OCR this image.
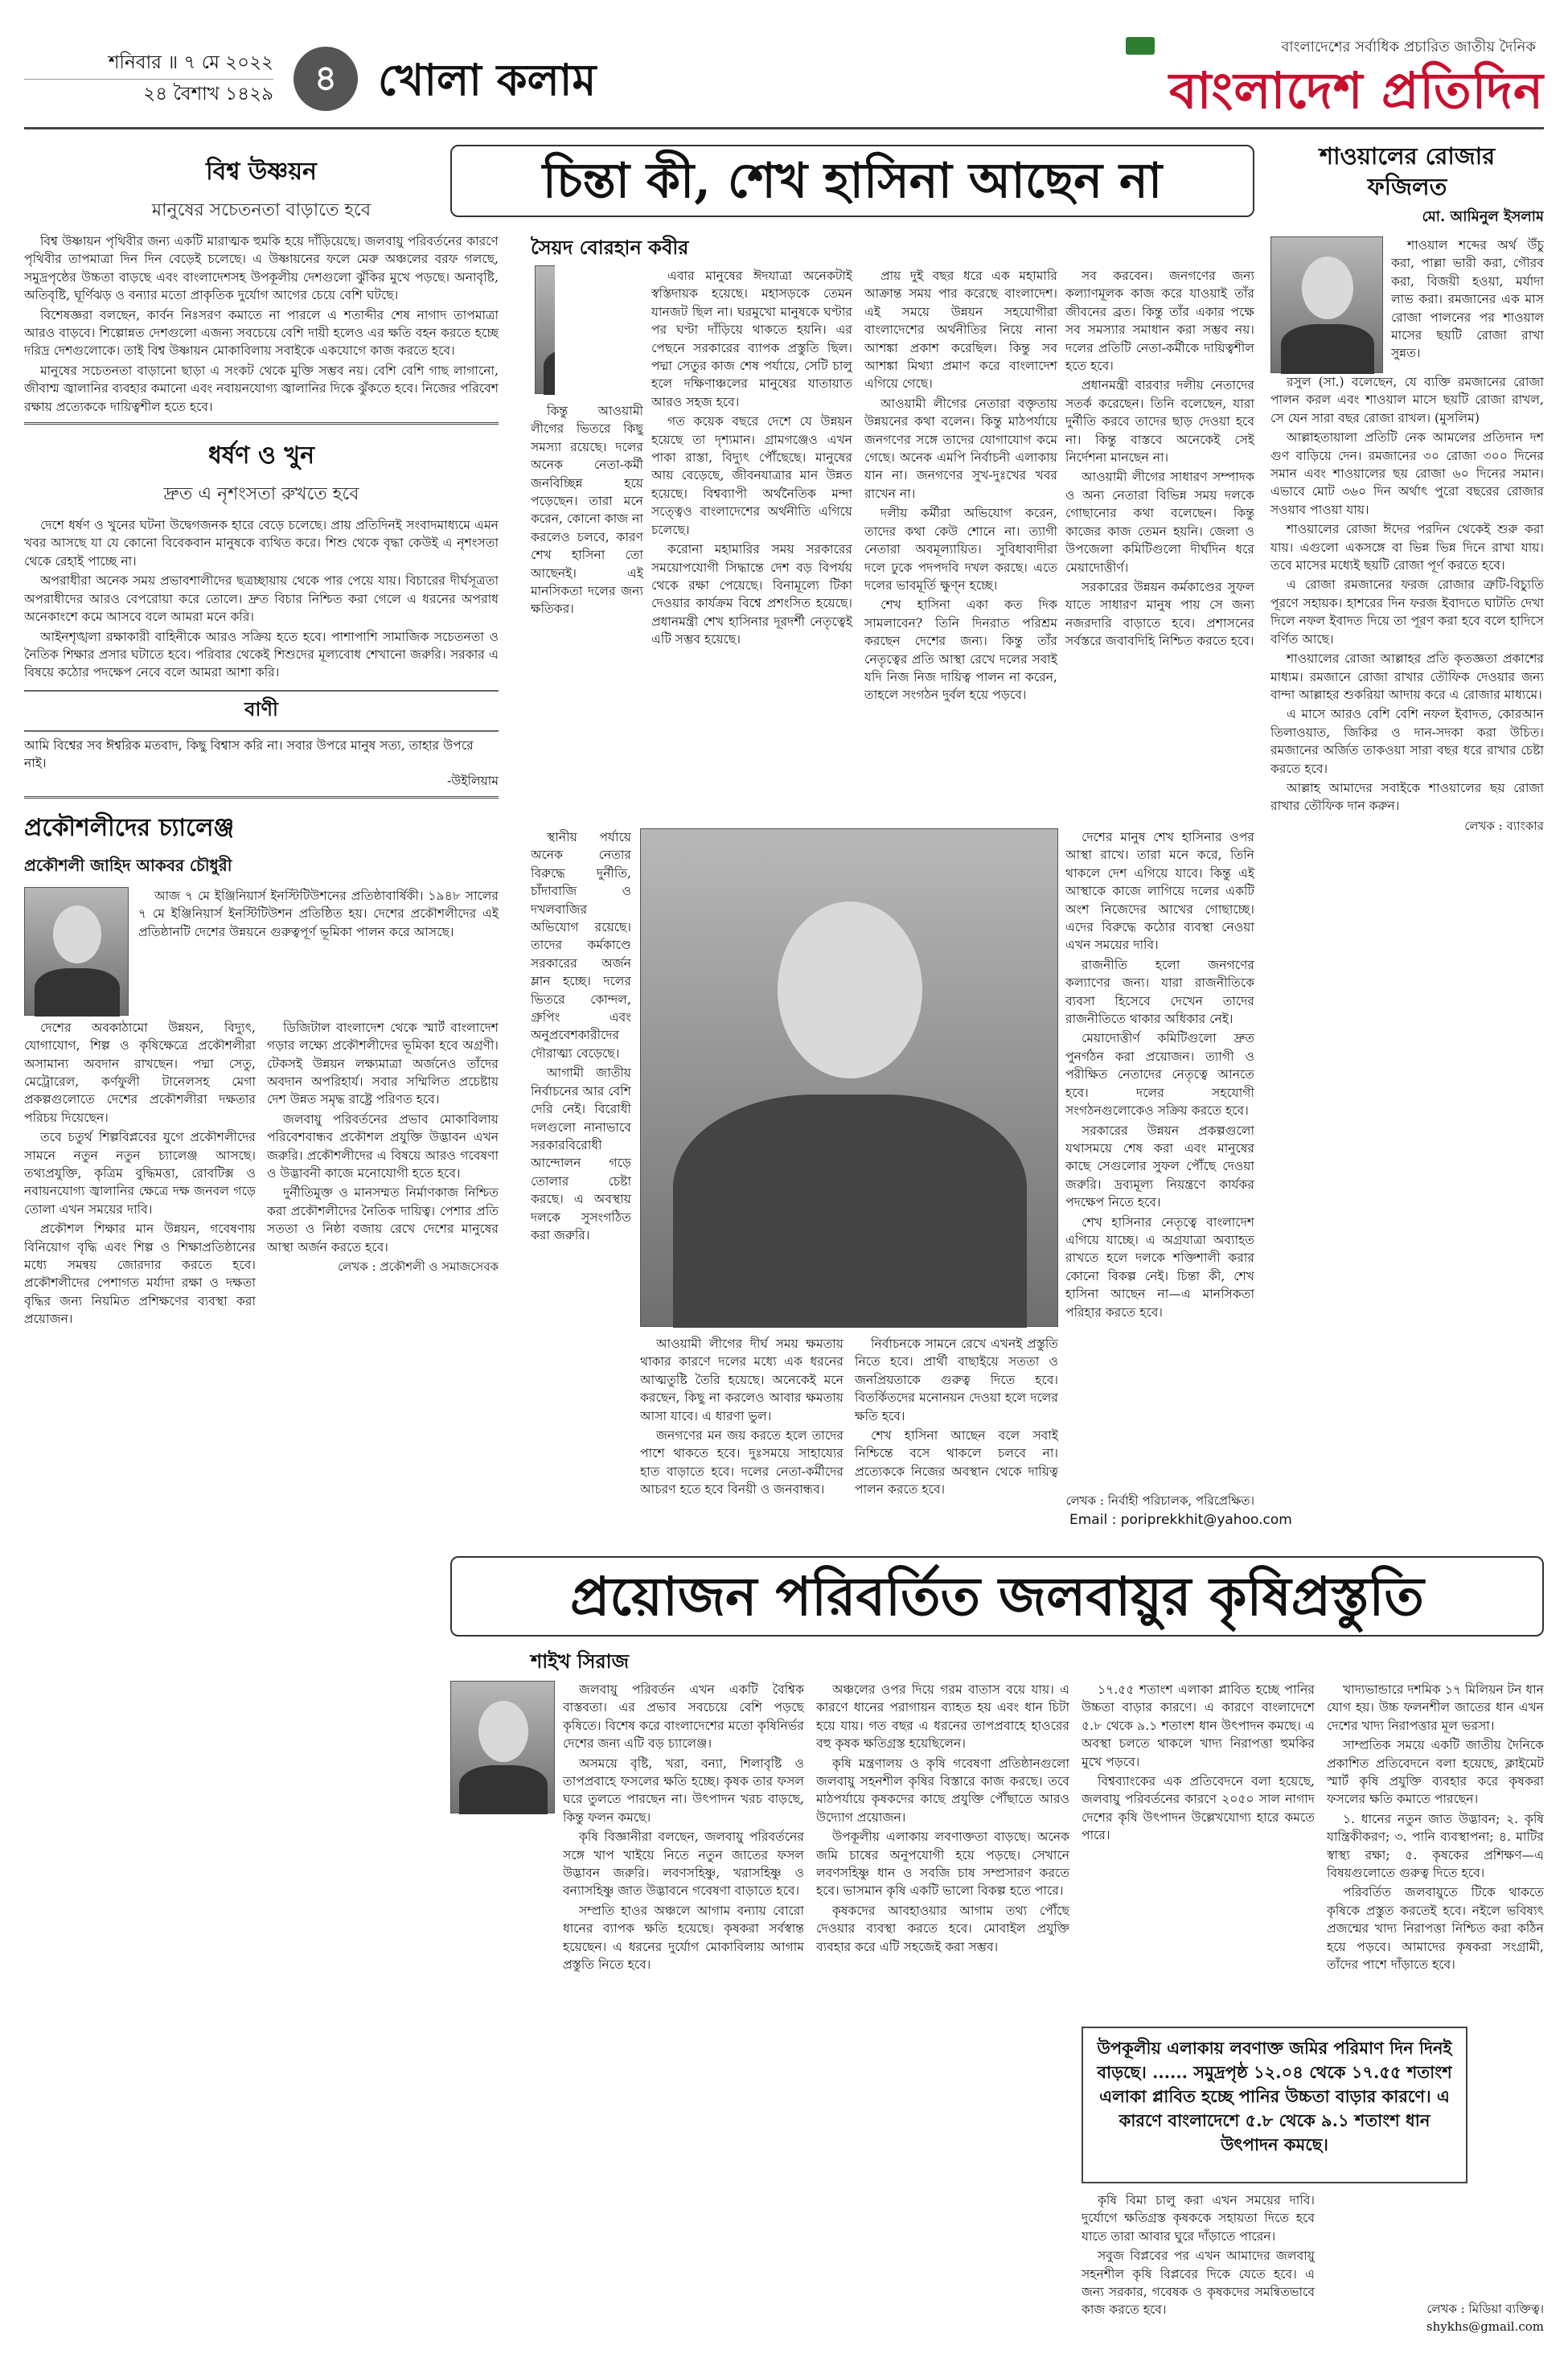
শনিবার ॥ ৭ মে ২০২২
২৪ বৈশাখ ১৪২৯	৪ খোলা কলাম
বাংলাদেশের সর্বাধিক প্রচারিত জাতীয় দৈনিক
বাংলাদেশ প্রতিদিন
বিশ্ব উষ্ণয়ন
মানুষের সচেতনতা বাড়াতে হবে

বিশ্ব উষ্ণায়ন পৃথিবীর জন্য একটি মারাত্মক হুমকি হয়ে দাঁড়িয়েছে। জলবায়ু পরিবর্তনের কারণে পৃথিবীর তাপমাত্রা দিন দিন বেড়েই চলেছে। এ উষ্ণায়নের ফলে মেরু অঞ্চলের বরফ গলছে, সমুদ্রপৃষ্ঠের উচ্চতা বাড়ছে এবং বাংলাদেশসহ উপকূলীয় দেশগুলো ঝুঁকির মুখে পড়ছে। অনাবৃষ্টি, অতিবৃষ্টি, ঘূর্ণিঝড় ও বন্যার মতো প্রাকৃতিক দুর্যোগ আগের চেয়ে বেশি ঘটছে।

বিশেষজ্ঞরা বলছেন, কার্বন নিঃসরণ কমাতে না পারলে এ শতাব্দীর শেষ নাগাদ তাপমাত্রা আরও বাড়বে। শিল্পোন্নত দেশগুলো এজন্য সবচেয়ে বেশি দায়ী হলেও এর ক্ষতি বহন করতে হচ্ছে দরিদ্র দেশগুলোকে। তাই বিশ্ব উষ্ণায়ন মোকাবিলায় সবাইকে একযোগে কাজ করতে হবে।

মানুষের সচেতনতা বাড়ানো ছাড়া এ সংকট থেকে মুক্তি সম্ভব নয়। বেশি বেশি গাছ লাগানো, জীবাশ্ম জ্বালানির ব্যবহার কমানো এবং নবায়নযোগ্য জ্বালানির দিকে ঝুঁকতে হবে। নিজের পরিবেশ রক্ষায় প্রত্যেককে দায়িত্বশীল হতে হবে।

ধর্ষণ ও খুন
দ্রুত এ নৃশংসতা রুখতে হবে

দেশে ধর্ষণ ও খুনের ঘটনা উদ্বেগজনক হারে বেড়ে চলেছে। প্রায় প্রতিদিনই সংবাদমাধ্যমে এমন খবর আসছে যা যে কোনো বিবেকবান মানুষকে ব্যথিত করে। শিশু থেকে বৃদ্ধা কেউই এ নৃশংসতা থেকে রেহাই পাচ্ছে না।

অপরাধীরা অনেক সময় প্রভাবশালীদের ছত্রচ্ছায়ায় থেকে পার পেয়ে যায়। বিচারের দীর্ঘসূত্রতা অপরাধীদের আরও বেপরোয়া করে তোলে। দ্রুত বিচার নিশ্চিত করা গেলে এ ধরনের অপরাধ অনেকাংশে কমে আসবে বলে আমরা মনে করি।

আইনশৃঙ্খলা রক্ষাকারী বাহিনীকে আরও সক্রিয় হতে হবে। পাশাপাশি সামাজিক সচেতনতা ও নৈতিক শিক্ষার প্রসার ঘটাতে হবে। পরিবার থেকেই শিশুদের মূল্যবোধ শেখানো জরুরি। সরকার এ বিষয়ে কঠোর পদক্ষেপ নেবে বলে আমরা আশা করি।

বাণী
আমি বিশ্বের সব ঈশ্বরিক মতবাদ, কিছু বিশ্বাস করি না। সবার উপরে মানুষ সত্য, তাহার উপরে নাই।
-উইলিয়াম
প্রকৌশলীদের চ্যালেঞ্জ
প্রকৌশলী জাহিদ আকবর চৌধুরী

আজ ৭ মে ইঞ্জিনিয়ার্স ইনস্টিটিউশনের প্রতিষ্ঠাবার্ষিকী। ১৯৪৮ সালের ৭ মে ইঞ্জিনিয়ার্স ইনস্টিটিউশন প্রতিষ্ঠিত হয়। দেশের প্রকৌশলীদের এই প্রতিষ্ঠানটি দেশের উন্নয়নে গুরুত্বপূর্ণ ভূমিকা পালন করে আসছে।

দেশের অবকাঠামো উন্নয়ন, বিদ্যুৎ, যোগাযোগ, শিল্প ও কৃষিক্ষেত্রে প্রকৌশলীরা অসামান্য অবদান রাখছেন। পদ্মা সেতু, মেট্রোরেল, কর্ণফুলী টানেলসহ মেগা প্রকল্পগুলোতে দেশের প্রকৌশলীরা দক্ষতার পরিচয় দিয়েছেন।

তবে চতুর্থ শিল্পবিপ্লবের যুগে প্রকৌশলীদের সামনে নতুন নতুন চ্যালেঞ্জ আসছে। তথ্যপ্রযুক্তি, কৃত্রিম বুদ্ধিমত্তা, রোবটিক্স ও নবায়নযোগ্য জ্বালানির ক্ষেত্রে দক্ষ জনবল গড়ে তোলা এখন সময়ের দাবি।

প্রকৌশল শিক্ষার মান উন্নয়ন, গবেষণায় বিনিয়োগ বৃদ্ধি এবং শিল্প ও শিক্ষাপ্রতিষ্ঠানের মধ্যে সমন্বয় জোরদার করতে হবে। প্রকৌশলীদের পেশাগত মর্যাদা রক্ষা ও দক্ষতা বৃদ্ধির জন্য নিয়মিত প্রশিক্ষণের ব্যবস্থা করা প্রয়োজন।

ডিজিটাল বাংলাদেশ থেকে স্মার্ট বাংলাদেশ গড়ার লক্ষ্যে প্রকৌশলীদের ভূমিকা হবে অগ্রণী। টেকসই উন্নয়ন লক্ষ্যমাত্রা অর্জনেও তাঁদের অবদান অপরিহার্য। সবার সম্মিলিত প্রচেষ্টায় দেশ উন্নত সমৃদ্ধ রাষ্ট্রে পরিণত হবে।

জলবায়ু পরিবর্তনের প্রভাব মোকাবিলায় পরিবেশবান্ধব প্রকৌশল প্রযুক্তি উদ্ভাবন এখন জরুরি। প্রকৌশলীদের এ বিষয়ে আরও গবেষণা ও উদ্ভাবনী কাজে মনোযোগী হতে হবে।

দুর্নীতিমুক্ত ও মানসম্মত নির্মাণকাজ নিশ্চিত করা প্রকৌশলীদের নৈতিক দায়িত্ব। পেশার প্রতি সততা ও নিষ্ঠা বজায় রেখে দেশের মানুষের আস্থা অর্জন করতে হবে।

লেখক : প্রকৌশলী ও সমাজসেবক
চিন্তা কী, শেখ হাসিনা আছেন না
সৈয়দ বোরহান কবীর

এবার মানুষের ঈদযাত্রা অনেকটাই স্বস্তিদায়ক হয়েছে। মহাসড়কে তেমন যানজট ছিল না। ঘরমুখো মানুষকে ঘণ্টার পর ঘণ্টা দাঁড়িয়ে থাকতে হয়নি। এর পেছনে সরকারের ব্যাপক প্রস্তুতি ছিল। পদ্মা সেতুর কাজ শেষ পর্যায়ে, সেটি চালু হলে দক্ষিণাঞ্চলের মানুষের যাতায়াত আরও সহজ হবে।

গত কয়েক বছরে দেশে যে উন্নয়ন হয়েছে তা দৃশ্যমান। গ্রামগঞ্জেও এখন পাকা রাস্তা, বিদ্যুৎ পৌঁছেছে। মানুষের আয় বেড়েছে, জীবনযাত্রার মান উন্নত হয়েছে। বিশ্বব্যাপী অর্থনৈতিক মন্দা সত্ত্বেও বাংলাদেশের অর্থনীতি এগিয়ে চলেছে।

করোনা মহামারির সময় সরকারের সময়োপযোগী সিদ্ধান্তে দেশ বড় বিপর্যয় থেকে রক্ষা পেয়েছে। বিনামূল্যে টিকা দেওয়ার কার্যক্রম বিশ্বে প্রশংসিত হয়েছে। প্রধানমন্ত্রী শেখ হাসিনার দূরদর্শী নেতৃত্বেই এটি সম্ভব হয়েছে।

কিন্তু আওয়ামী লীগের ভিতরে কিছু সমস্যা রয়েছে। দলের অনেক নেতা-কর্মী জনবিচ্ছিন্ন হয়ে পড়েছেন। তারা মনে করেন, কোনো কাজ না করলেও চলবে, কারণ শেখ হাসিনা তো আছেনই। এই মানসিকতা দলের জন্য ক্ষতিকর।

স্থানীয় পর্যায়ে অনেক নেতার বিরুদ্ধে দুর্নীতি, চাঁদাবাজি ও দখলবাজির অভিযোগ রয়েছে। তাদের কর্মকাণ্ডে সরকারের অর্জন ম্লান হচ্ছে। দলের ভিতরে কোন্দল, গ্রুপিং এবং অনুপ্রবেশকারীদের দৌরাত্ম্য বেড়েছে।

আগামী জাতীয় নির্বাচনের আর বেশি দেরি নেই। বিরোধী দলগুলো নানাভাবে সরকারবিরোধী আন্দোলন গড়ে তোলার চেষ্টা করছে। এ অবস্থায় দলকে সুসংগঠিত করা জরুরি।

প্রায় দুই বছর ধরে এক মহামারি আক্রান্ত সময় পার করেছে বাংলাদেশ। এই সময়ে উন্নয়ন সহযোগীরা বাংলাদেশের অর্থনীতির নিয়ে নানা আশঙ্কা প্রকাশ করেছিল। কিন্তু সব আশঙ্কা মিথ্যা প্রমাণ করে বাংলাদেশ এগিয়ে গেছে।

আওয়ামী লীগের নেতারা বক্তৃতায় উন্নয়নের কথা বলেন। কিন্তু মাঠপর্যায়ে জনগণের সঙ্গে তাদের যোগাযোগ কমে গেছে। অনেক এমপি নির্বাচনী এলাকায় যান না। জনগণের সুখ-দুঃখের খবর রাখেন না।

দলীয় কর্মীরা অভিযোগ করেন, তাদের কথা কেউ শোনে না। ত্যাগী নেতারা অবমূল্যায়িত। সুবিধাবাদীরা দলে ঢুকে পদপদবি দখল করছে। এতে দলের ভাবমূর্তি ক্ষুণ্ন হচ্ছে।

শেখ হাসিনা একা কত দিক সামলাবেন? তিনি দিনরাত পরিশ্রম করছেন দেশের জন্য। কিন্তু তাঁর নেতৃত্বের প্রতি আস্থা রেখে দলের সবাই যদি নিজ নিজ দায়িত্ব পালন না করেন, তাহলে সংগঠন দুর্বল হয়ে পড়বে।

সব করবেন। জনগণের জন্য কল্যাণমূলক কাজ করে যাওয়াই তাঁর জীবনের ব্রত। কিন্তু তাঁর একার পক্ষে সব সমস্যার সমাধান করা সম্ভব নয়। দলের প্রতিটি নেতা-কর্মীকে দায়িত্বশীল হতে হবে।

প্রধানমন্ত্রী বারবার দলীয় নেতাদের সতর্ক করেছেন। তিনি বলেছেন, যারা দুর্নীতি করবে তাদের ছাড় দেওয়া হবে না। কিন্তু বাস্তবে অনেকেই সেই নির্দেশনা মানছেন না।

আওয়ামী লীগের সাধারণ সম্পাদক ও অন্য নেতারা বিভিন্ন সময় দলকে গোছানোর কথা বলেছেন। কিন্তু কাজের কাজ তেমন হয়নি। জেলা ও উপজেলা কমিটিগুলো দীর্ঘদিন ধরে মেয়াদোত্তীর্ণ।

সরকারের উন্নয়ন কর্মকাণ্ডের সুফল যাতে সাধারণ মানুষ পায় সে জন্য নজরদারি বাড়াতে হবে। প্রশাসনের সর্বস্তরে জবাবদিহি নিশ্চিত করতে হবে।

আওয়ামী লীগের দীর্ঘ সময় ক্ষমতায় থাকার কারণে দলের মধ্যে এক ধরনের আত্মতুষ্টি তৈরি হয়েছে। অনেকেই মনে করছেন, কিছু না করলেও আবার ক্ষমতায় আসা যাবে। এ ধারণা ভুল।

জনগণের মন জয় করতে হলে তাদের পাশে থাকতে হবে। দুঃসময়ে সাহায্যের হাত বাড়াতে হবে। দলের নেতা-কর্মীদের আচরণ হতে হবে বিনয়ী ও জনবান্ধব।

নির্বাচনকে সামনে রেখে এখনই প্রস্তুতি নিতে হবে। প্রার্থী বাছাইয়ে সততা ও জনপ্রিয়তাকে গুরুত্ব দিতে হবে। বিতর্কিতদের মনোনয়ন দেওয়া হলে দলের ক্ষতি হবে।

শেখ হাসিনা আছেন বলে সবাই নিশ্চিন্তে বসে থাকলে চলবে না। প্রত্যেককে নিজের অবস্থান থেকে দায়িত্ব পালন করতে হবে।

দেশের মানুষ শেখ হাসিনার ওপর আস্থা রাখে। তারা মনে করে, তিনি থাকলে দেশ এগিয়ে যাবে। কিন্তু এই আস্থাকে কাজে লাগিয়ে দলের একটি অংশ নিজেদের আখের গোছাচ্ছে। এদের বিরুদ্ধে কঠোর ব্যবস্থা নেওয়া এখন সময়ের দাবি।

রাজনীতি হলো জনগণের কল্যাণের জন্য। যারা রাজনীতিকে ব্যবসা হিসেবে দেখেন তাদের রাজনীতিতে থাকার অধিকার নেই।

মেয়াদোত্তীর্ণ কমিটিগুলো দ্রুত পুনর্গঠন করা প্রয়োজন। ত্যাগী ও পরীক্ষিত নেতাদের নেতৃত্বে আনতে হবে। দলের সহযোগী সংগঠনগুলোকেও সক্রিয় করতে হবে।

সরকারের উন্নয়ন প্রকল্পগুলো যথাসময়ে শেষ করা এবং মানুষের কাছে সেগুলোর সুফল পৌঁছে দেওয়া জরুরি। দ্রব্যমূল্য নিয়ন্ত্রণে কার্যকর পদক্ষেপ নিতে হবে।

শেখ হাসিনার নেতৃত্বে বাংলাদেশ এগিয়ে যাচ্ছে। এ অগ্রযাত্রা অব্যাহত রাখতে হলে দলকে শক্তিশালী করার কোনো বিকল্প নেই। চিন্তা কী, শেখ হাসিনা আছেন না—এ মানসিকতা পরিহার করতে হবে।

লেখক : নির্বাহী পরিচালক, পরিপ্রেক্ষিত।
Email : poriprekkhit@yahoo.com
শাওয়ালের রোজার
ফজিলত
মো. আমিনুল ইসলাম

শাওয়াল শব্দের অর্থ উঁচু করা, পাল্লা ভারী করা, গৌরব করা, বিজয়ী হওয়া, মর্যাদা লাভ করা। রমজানের এক মাস রোজা পালনের পর শাওয়াল মাসের ছয়টি রোজা রাখা সুন্নত।

রসুল (সা.) বলেছেন, যে ব্যক্তি রমজানের রোজা পালন করল এবং শাওয়াল মাসে ছয়টি রোজা রাখল, সে যেন সারা বছর রোজা রাখল। (মুসলিম)

আল্লাহতায়ালা প্রতিটি নেক আমলের প্রতিদান দশ গুণ বাড়িয়ে দেন। রমজানের ৩০ রোজা ৩০০ দিনের সমান এবং শাওয়ালের ছয় রোজা ৬০ দিনের সমান। এভাবে মোট ৩৬০ দিন অর্থাৎ পুরো বছরের রোজার সওয়াব পাওয়া যায়।

শাওয়ালের রোজা ঈদের পরদিন থেকেই শুরু করা যায়। এগুলো একসঙ্গে বা ভিন্ন ভিন্ন দিনে রাখা যায়। তবে মাসের মধ্যেই ছয়টি রোজা পূর্ণ করতে হবে।

এ রোজা রমজানের ফরজ রোজার ত্রুটি-বিচ্যুতি পূরণে সহায়ক। হাশরের দিন ফরজ ইবাদতে ঘাটতি দেখা দিলে নফল ইবাদত দিয়ে তা পূরণ করা হবে বলে হাদিসে বর্ণিত আছে।

শাওয়ালের রোজা আল্লাহর প্রতি কৃতজ্ঞতা প্রকাশের মাধ্যম। রমজানে রোজা রাখার তৌফিক দেওয়ার জন্য বান্দা আল্লাহর শুকরিয়া আদায় করে এ রোজার মাধ্যমে।

এ মাসে আরও বেশি বেশি নফল ইবাদত, কোরআন তিলাওয়াত, জিকির ও দান-সদকা করা উচিত। রমজানের অর্জিত তাকওয়া সারা বছর ধরে রাখার চেষ্টা করতে হবে।

আল্লাহ আমাদের সবাইকে শাওয়ালের ছয় রোজা রাখার তৌফিক দান করুন।

লেখক : ব্যাংকার
প্রয়োজন পরিবর্তিত জলবায়ুর কৃষিপ্রস্তুতি
শাইখ সিরাজ

জলবায়ু পরিবর্তন এখন একটি বৈশ্বিক বাস্তবতা। এর প্রভাব সবচেয়ে বেশি পড়ছে কৃষিতে। বিশেষ করে বাংলাদেশের মতো কৃষিনির্ভর দেশের জন্য এটি বড় চ্যালেঞ্জ।

অসময়ে বৃষ্টি, খরা, বন্যা, শিলাবৃষ্টি ও তাপপ্রবাহে ফসলের ক্ষতি হচ্ছে। কৃষক তার ফসল ঘরে তুলতে পারছেন না। উৎপাদন খরচ বাড়ছে, কিন্তু ফলন কমছে।

কৃষি বিজ্ঞানীরা বলছেন, জলবায়ু পরিবর্তনের সঙ্গে খাপ খাইয়ে নিতে নতুন জাতের ফসল উদ্ভাবন জরুরি। লবণসহিষ্ণু, খরাসহিষ্ণু ও বন্যাসহিষ্ণু জাত উদ্ভাবনে গবেষণা বাড়াতে হবে।

সম্প্রতি হাওর অঞ্চলে আগাম বন্যায় বোরো ধানের ব্যাপক ক্ষতি হয়েছে। কৃষকরা সর্বস্বান্ত হয়েছেন। এ ধরনের দুর্যোগ মোকাবিলায় আগাম প্রস্তুতি নিতে হবে।

অঞ্চলের ওপর দিয়ে গরম বাতাস বয়ে যায়। এ কারণে ধানের পরাগায়ন ব্যাহত হয় এবং ধান চিটা হয়ে যায়। গত বছর এ ধরনের তাপপ্রবাহে হাওরের বহু কৃষক ক্ষতিগ্রস্ত হয়েছিলেন।

কৃষি মন্ত্রণালয় ও কৃষি গবেষণা প্রতিষ্ঠানগুলো জলবায়ু সহনশীল কৃষির বিস্তারে কাজ করছে। তবে মাঠপর্যায়ে কৃষকদের কাছে প্রযুক্তি পৌঁছাতে আরও উদ্যোগ প্রয়োজন।

উপকূলীয় এলাকায় লবণাক্ততা বাড়ছে। অনেক জমি চাষের অনুপযোগী হয়ে পড়ছে। সেখানে লবণসহিষ্ণু ধান ও সবজি চাষ সম্প্রসারণ করতে হবে। ভাসমান কৃষি একটি ভালো বিকল্প হতে পারে।

কৃষকদের আবহাওয়ার আগাম তথ্য পৌঁছে দেওয়ার ব্যবস্থা করতে হবে। মোবাইল প্রযুক্তি ব্যবহার করে এটি সহজেই করা সম্ভব।

১৭.৫৫ শতাংশ এলাকা প্লাবিত হচ্ছে পানির উচ্চতা বাড়ার কারণে। এ কারণে বাংলাদেশে ৫.৮ থেকে ৯.১ শতাংশ ধান উৎপাদন কমছে। এ অবস্থা চলতে থাকলে খাদ্য নিরাপত্তা হুমকির মুখে পড়বে।

বিশ্বব্যাংকের এক প্রতিবেদনে বলা হয়েছে, জলবায়ু পরিবর্তনের কারণে ২০৫০ সাল নাগাদ দেশের কৃষি উৎপাদন উল্লেখযোগ্য হারে কমতে পারে।

উপকূলীয় এলাকায় লবণাক্ত জমির পরিমাণ দিন দিনই বাড়ছে। ...... সমুদ্রপৃষ্ঠ ১২.০৪ থেকে ১৭.৫৫ শতাংশ এলাকা প্লাবিত হচ্ছে পানির উচ্চতা বাড়ার কারণে। এ কারণে বাংলাদেশে ৫.৮ থেকে ৯.১ শতাংশ ধান উৎপাদন কমছে।

কৃষি বিমা চালু করা এখন সময়ের দাবি। দুর্যোগে ক্ষতিগ্রস্ত কৃষককে সহায়তা দিতে হবে যাতে তারা আবার ঘুরে দাঁড়াতে পারেন।

সবুজ বিপ্লবের পর এখন আমাদের জলবায়ু সহনশীল কৃষি বিপ্লবের দিকে যেতে হবে। এ জন্য সরকার, গবেষক ও কৃষকদের সমন্বিতভাবে কাজ করতে হবে।

খাদ্যভান্ডারে দশমিক ১৭ মিলিয়ন টন ধান যোগ হয়। উচ্চ ফলনশীল জাতের ধান এখন দেশের খাদ্য নিরাপত্তার মূল ভরসা।

সাম্প্রতিক সময়ে একটি জাতীয় দৈনিকে প্রকাশিত প্রতিবেদনে বলা হয়েছে, ক্লাইমেট স্মার্ট কৃষি প্রযুক্তি ব্যবহার করে কৃষকরা ফসলের ক্ষতি কমাতে পারছেন।

১. ধানের নতুন জাত উদ্ভাবন; ২. কৃষি যান্ত্রিকীকরণ; ৩. পানি ব্যবস্থাপনা; ৪. মাটির স্বাস্থ্য রক্ষা; ৫. কৃষকের প্রশিক্ষণ—এ বিষয়গুলোতে গুরুত্ব দিতে হবে।

পরিবর্তিত জলবায়ুতে টিকে থাকতে কৃষিকে প্রস্তুত করতেই হবে। নইলে ভবিষ্যৎ প্রজন্মের খাদ্য নিরাপত্তা নিশ্চিত করা কঠিন হয়ে পড়বে। আমাদের কৃষকরা সংগ্রামী, তাঁদের পাশে দাঁড়াতে হবে।

লেখক : মিডিয়া ব্যক্তিত্ব।
shykhs@gmail.com
